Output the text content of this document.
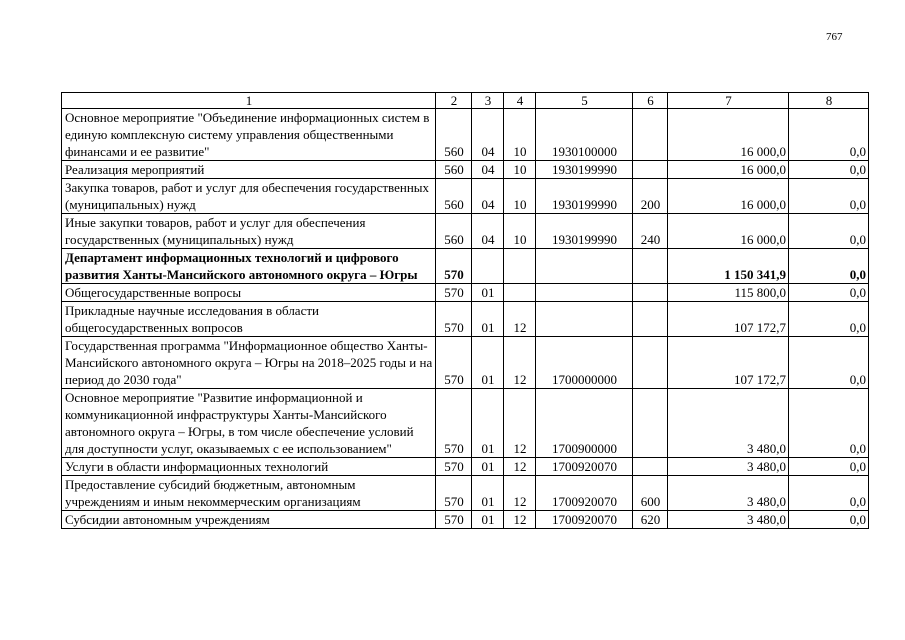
767
1	2	3	4	5	6	7	8
Основное мероприятие "Объединение информационных систем в единую комплексную систему управления общественными финансами и ее развитие"	560	04	10	1930100000		16 000,0	0,0
Реализация мероприятий	560	04	10	1930199990		16 000,0	0,0
Закупка товаров, работ и услуг для обеспечения государственных (муниципальных) нужд	560	04	10	1930199990	200	16 000,0	0,0
Иные закупки товаров, работ и услуг для обеспечения государственных (муниципальных) нужд	560	04	10	1930199990	240	16 000,0	0,0
Департамент информационных технологий и цифрового развития Ханты-Мансийского автономного округа – Югры	570					1 150 341,9	0,0
Общегосударственные вопросы	570	01				115 800,0	0,0
Прикладные научные исследования в области общегосударственных вопросов	570	01	12			107 172,7	0,0
Государственная программа "Информационное общество Ханты-Мансийского автономного округа – Югры на 2018–2025 годы и на период до 2030 года"	570	01	12	1700000000		107 172,7	0,0
Основное мероприятие "Развитие информационной и коммуникационной инфраструктуры Ханты-Мансийского автономного округа – Югры, в том числе обеспечение условий для доступности услуг, оказываемых с ее использованием"	570	01	12	1700900000		3 480,0	0,0
Услуги в области информационных технологий	570	01	12	1700920070		3 480,0	0,0
Предоставление субсидий бюджетным, автономным учреждениям и иным некоммерческим организациям	570	01	12	1700920070	600	3 480,0	0,0
Субсидии автономным учреждениям	570	01	12	1700920070	620	3 480,0	0,0
